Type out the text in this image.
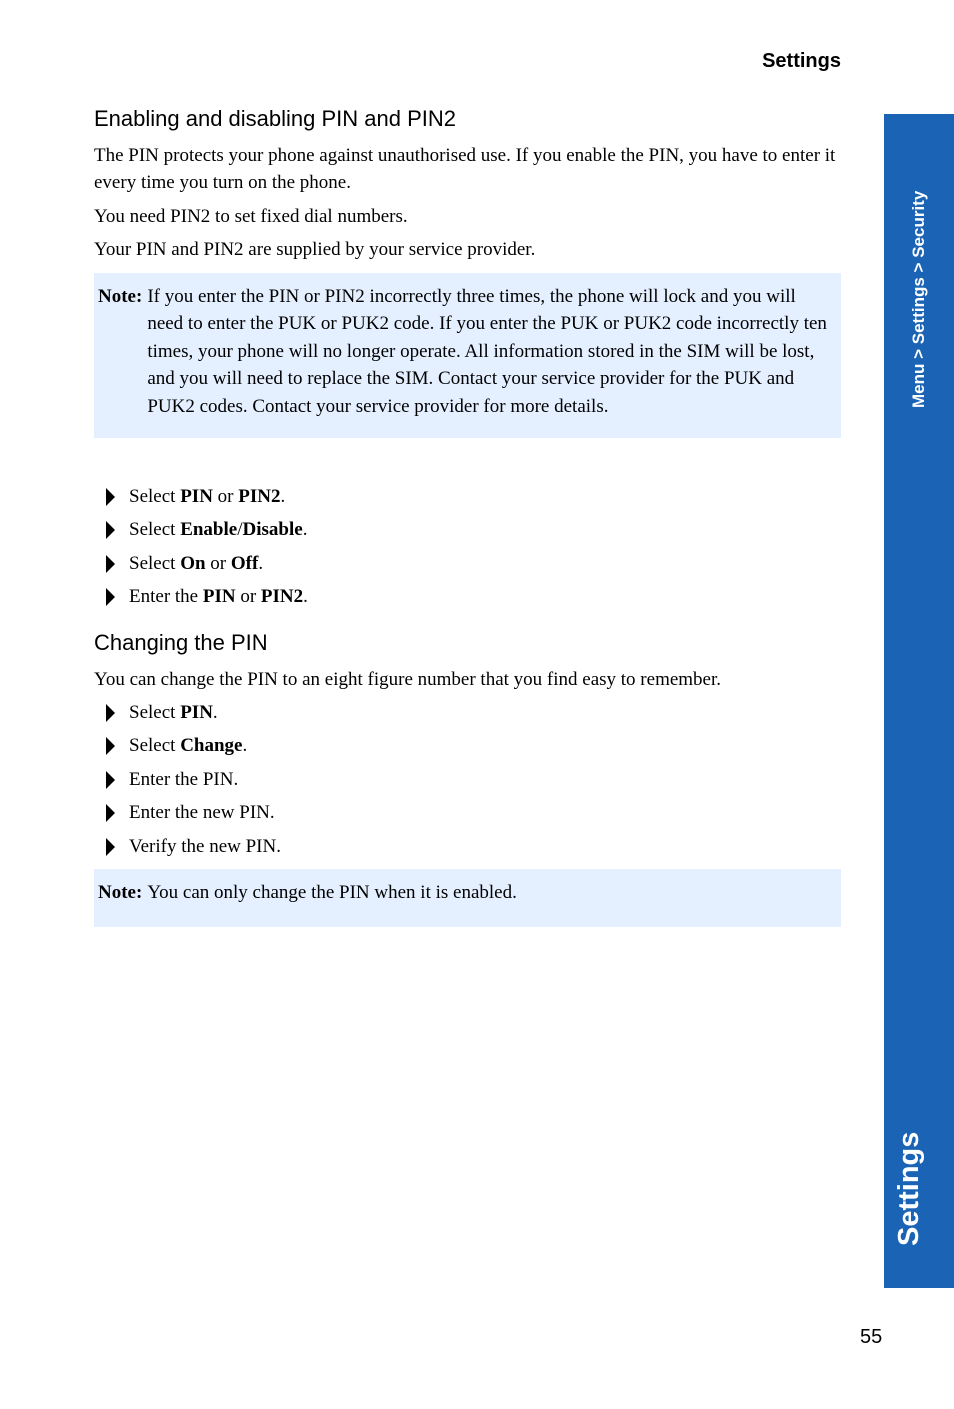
Settings
Menu > Settings > Security
Settings
Enabling and disabling PIN and PIN2

The PIN protects your phone against unauthorised use. If you enable the PIN, you have to enter it every time you turn on the phone.

You need PIN2 to set fixed dial numbers.

Your PIN and PIN2 are supplied by your service provider.

Note: If you enter the PIN or PIN2 incorrectly three times, the phone will lock and you will need to enter the PUK or PUK2 code. If you enter the PUK or PUK2 code incorrectly ten times, your phone will no longer operate. All information stored in the SIM will be lost, and you will need to replace the SIM. Contact your service provider for the PUK and PUK2 codes. Contact your service provider for more details.
Select PIN or PIN2.
Select Enable/Disable.
Select On or Off.
Enter the PIN or PIN2.
Changing the PIN

You can change the PIN to an eight figure number that you find easy to remember.

Select PIN.
Select Change.
Enter the PIN.
Enter the new PIN.
Verify the new PIN.
Note: You can only change the PIN when it is enabled.
55
